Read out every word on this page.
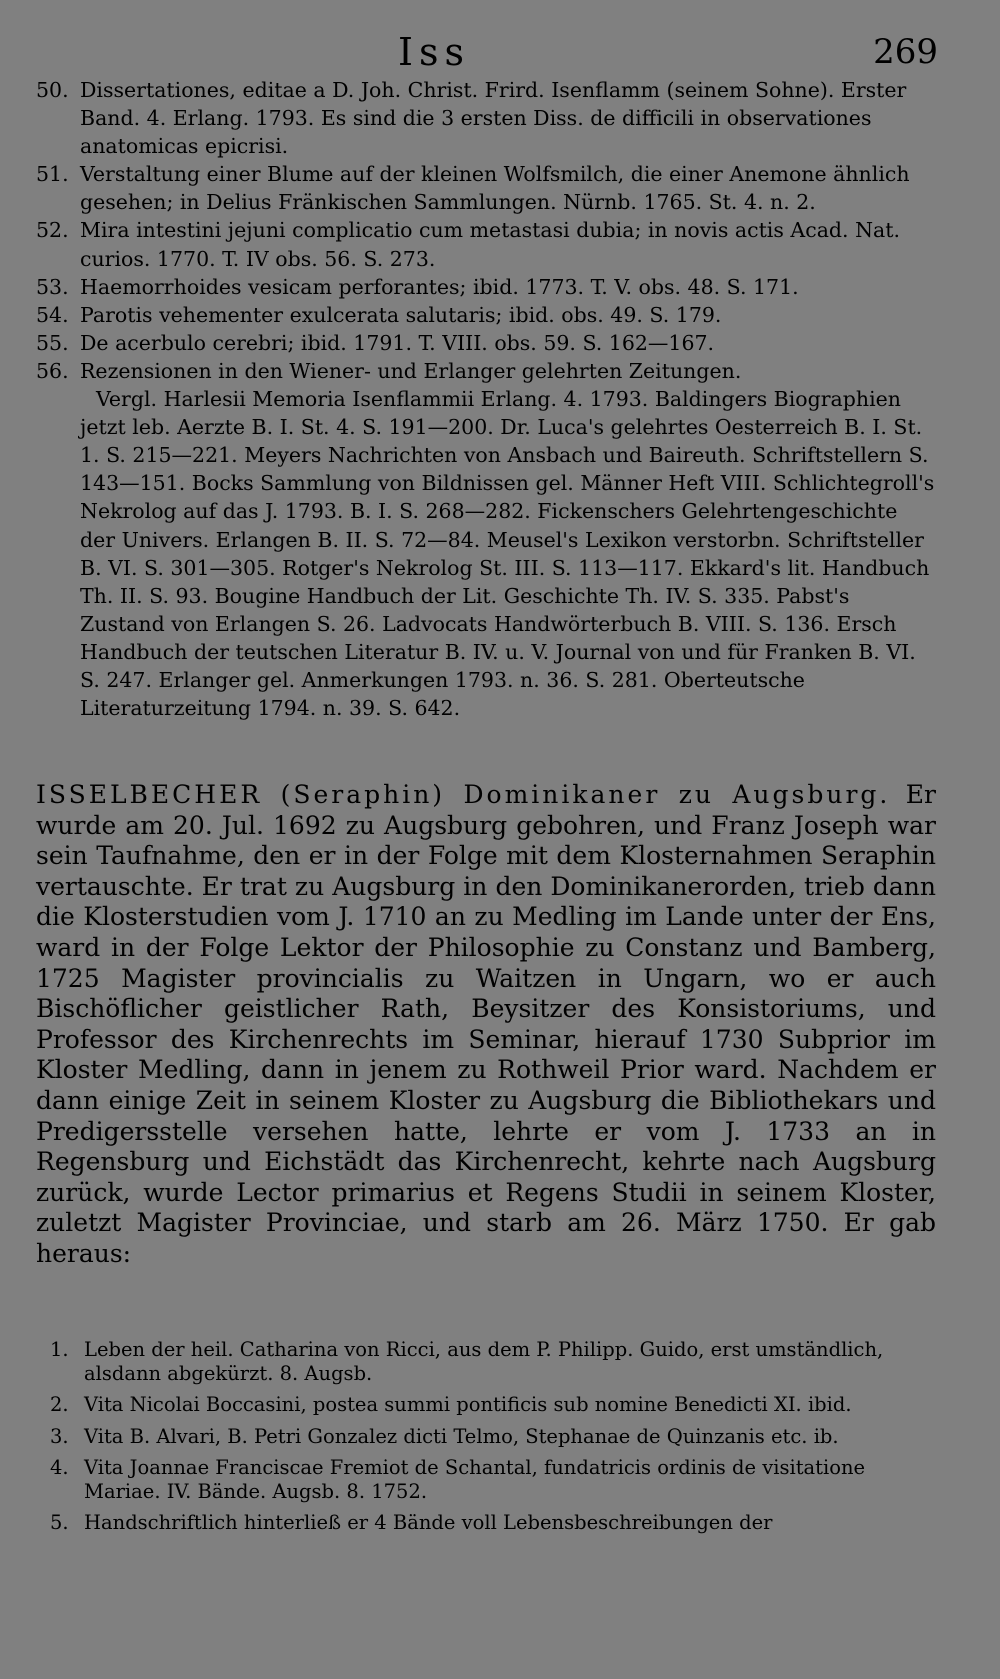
Iss	269
50. Dissertationes, editae a D. Joh. Christ. Frird. Isenflamm (seinem Sohne). Erster Band. 4. Erlang. 1793. Es sind die 3 ersten Diss. de difficili in observationes anatomicas epicrisi.
51. Verstaltung einer Blume auf der kleinen Wolfsmilch, die einer Anemone ähnlich gesehen; in Delius Fränkischen Sammlungen. Nürnb. 1765. St. 4. n. 2.
52. Mira intestini jejuni complicatio cum metastasi dubia; in novis actis Acad. Nat. curios. 1770. T. IV obs. 56. S. 273.
53. Haemorrhoides vesicam perforantes; ibid. 1773. T. V. obs. 48. S. 171.
54. Parotis vehementer exulcerata salutaris; ibid. obs. 49. S. 179.
55. De acerbulo cerebri; ibid. 1791. T. VIII. obs. 59. S. 162—167.
56. Rezensionen in den Wiener- und Erlanger gelehrten Zeitungen.
Vergl. Harlesii Memoria Isenflammii Erlang. 4. 1793. Baldingers Biographien jetzt leb. Aerzte B. I. St. 4. S. 191—200. Dr. Luca's gelehrtes Oesterreich B. I. St. 1. S. 215—221. Meyers Nachrichten von Ansbach und Baireuth. Schriftstellern S. 143—151. Bocks Sammlung von Bildnissen gel. Männer Heft VIII. Schlichtegroll's Nekrolog auf das J. 1793. B. I. S. 268—282. Fickenschers Gelehrtengeschichte der Univers. Erlangen B. II. S. 72—84. Meusel's Lexikon verstorbn. Schriftsteller B. VI. S. 301—305. Rotger's Nekrolog St. III. S. 113—117. Ekkard's lit. Handbuch Th. II. S. 93. Bougine Handbuch der Lit. Geschichte Th. IV. S. 335. Pabst's Zustand von Erlangen S. 26. Ladvocats Handwörterbuch B. VIII. S. 136. Ersch Handbuch der teutschen Literatur B. IV. u. V. Journal von und für Franken B. VI. S. 247. Erlanger gel. Anmerkungen 1793. n. 36. S. 281. Oberteutsche Literaturzeitung 1794. n. 39. S. 642.
ISSELBECHER (Seraphin) Dominikaner zu Augsburg. Er wurde am 20. Jul. 1692 zu Augsburg gebohren, und Franz Joseph war sein Taufnahme, den er in der Folge mit dem Klosternahmen Seraphin vertauschte. Er trat zu Augsburg in den Dominikanerorden, trieb dann die Klosterstudien vom J. 1710 an zu Medling im Lande unter der Ens, ward in der Folge Lektor der Philosophie zu Constanz und Bamberg, 1725 Magister provincialis zu Waitzen in Ungarn, wo er auch Bischöflicher geistlicher Rath, Beysitzer des Konsistoriums, und Professor des Kirchenrechts im Seminar, hierauf 1730 Subprior im Kloster Medling, dann in jenem zu Rothweil Prior ward. Nachdem er dann einige Zeit in seinem Kloster zu Augsburg die Bibliothekars und Predigersstelle versehen hatte, lehrte er vom J. 1733 an in Regensburg und Eichstädt das Kirchenrecht, kehrte nach Augsburg zurück, wurde Lector primarius et Regens Studii in seinem Kloster, zuletzt Magister Provinciae, und starb am 26. März 1750. Er gab heraus:
1. Leben der heil. Catharina von Ricci, aus dem P. Philipp. Guido, erst umständlich, alsdann abgekürzt. 8. Augsb.
2. Vita Nicolai Boccasini, postea summi pontificis sub nomine Benedicti XI. ibid.
3. Vita B. Alvari, B. Petri Gonzalez dicti Telmo, Stephanae de Quinzanis etc. ib.
4. Vita Joannae Franciscae Fremiot de Schantal, fundatricis ordinis de visitatione Mariae. IV. Bände. Augsb. 8. 1752.
5. Handschriftlich hinterließ er 4 Bände voll Lebensbeschreibungen der
